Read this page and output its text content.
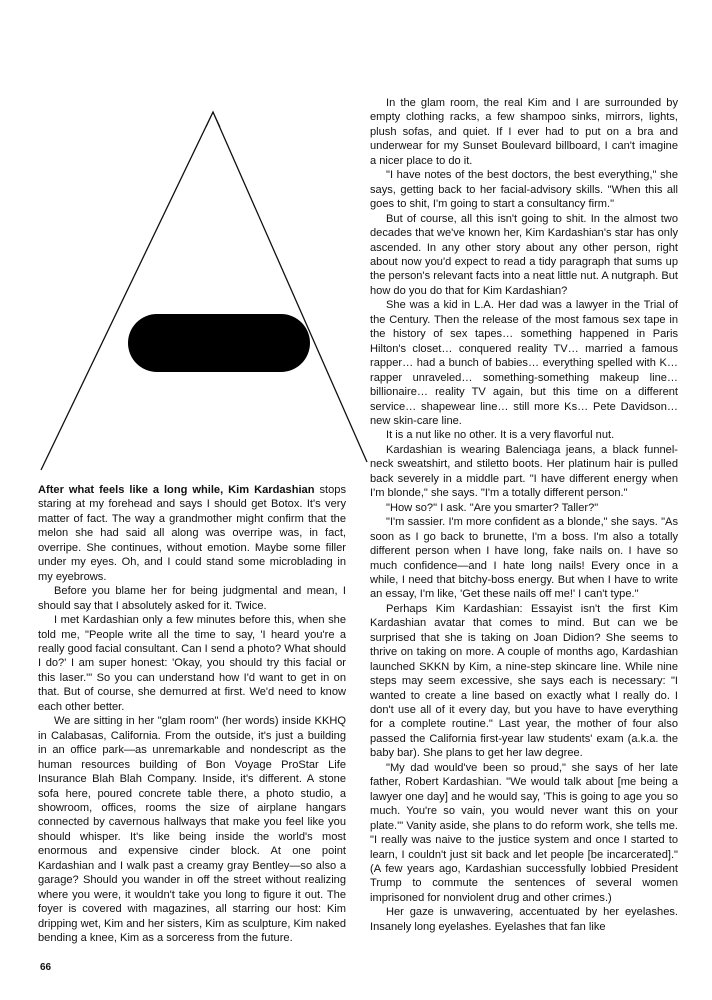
After what feels like a long while, Kim Kardashian stops staring at my forehead and says I should get Botox. It's very matter of fact. The way a grandmother might confirm that the melon she had said all along was overripe was, in fact, overripe. She continues, without emotion. Maybe some filler under my eyes. Oh, and I could stand some microblading in my eyebrows.

Before you blame her for being judgmental and mean, I should say that I absolutely asked for it. Twice.

I met Kardashian only a few minutes before this, when she told me, "People write all the time to say, 'I heard you're a really good facial consultant. Can I send a photo? What should I do?' I am super honest: 'Okay, you should try this facial or this laser.'" So you can understand how I'd want to get in on that. But of course, she demurred at first. We'd need to know each other better.

We are sitting in her "glam room" (her words) inside KKHQ in Calabasas, California. From the outside, it's just a building in an office park—as unremarkable and nondescript as the human resources building of Bon Voyage ProStar Life Insurance Blah Blah Company. Inside, it's different. A stone sofa here, poured concrete table there, a photo studio, a showroom, offices, rooms the size of airplane hangars connected by cavernous hallways that make you feel like you should whisper. It's like being inside the world's most enormous and expensive cinder block. At one point Kardashian and I walk past a creamy gray Bentley—so also a garage? Should you wander in off the street without realizing where you were, it wouldn't take you long to figure it out. The foyer is covered with magazines, all starring our host: Kim dripping wet, Kim and her sisters, Kim as sculpture, Kim naked bending a knee, Kim as a sorceress from the future.

In the glam room, the real Kim and I are surrounded by empty clothing racks, a few shampoo sinks, mirrors, lights, plush sofas, and quiet. If I ever had to put on a bra and underwear for my Sunset Boulevard billboard, I can't imagine a nicer place to do it.

"I have notes of the best doctors, the best everything," she says, getting back to her facial-advisory skills. "When this all goes to shit, I'm going to start a consultancy firm."

But of course, all this isn't going to shit. In the almost two decades that we've known her, Kim Kardashian's star has only ascended. In any other story about any other person, right about now you'd expect to read a tidy paragraph that sums up the person's relevant facts into a neat little nut. A nutgraph. But how do you do that for Kim Kardashian?

She was a kid in L.A. Her dad was a lawyer in the Trial of the Century. Then the release of the most famous sex tape in the history of sex tapes… something happened in Paris Hilton's closet… conquered reality TV… married a famous rapper… had a bunch of babies… everything spelled with K… rapper unraveled… something-something makeup line… billionaire… reality TV again, but this time on a different service… shapewear line… still more Ks… Pete Davidson… new skin-care line.

It is a nut like no other. It is a very flavorful nut.

Kardashian is wearing Balenciaga jeans, a black funnel-neck sweatshirt, and stiletto boots. Her platinum hair is pulled back severely in a middle part. "I have different energy when I'm blonde," she says. "I'm a totally different person."

"How so?" I ask. "Are you smarter? Taller?"

"I'm sassier. I'm more confident as a blonde," she says. "As soon as I go back to brunette, I'm a boss. I'm also a totally different person when I have long, fake nails on. I have so much confidence—and I hate long nails! Every once in a while, I need that bitchy-boss energy. But when I have to write an essay, I'm like, 'Get these nails off me!' I can't type."

Perhaps Kim Kardashian: Essayist isn't the first Kim Kardashian avatar that comes to mind. But can we be surprised that she is taking on Joan Didion? She seems to thrive on taking on more. A couple of months ago, Kardashian launched SKKN by Kim, a nine-step skincare line. While nine steps may seem excessive, she says each is necessary: "I wanted to create a line based on exactly what I really do. I don't use all of it every day, but you have to have everything for a complete routine." Last year, the mother of four also passed the California first-year law students' exam (a.k.a. the baby bar). She plans to get her law degree.

"My dad would've been so proud," she says of her late father, Robert Kardashian. "We would talk about [me being a lawyer one day] and he would say, 'This is going to age you so much. You're so vain, you would never want this on your plate.'" Vanity aside, she plans to do reform work, she tells me. "I really was naive to the justice system and once I started to learn, I couldn't just sit back and let people [be incarcerated]." (A few years ago, Kardashian successfully lobbied President Trump to commute the sentences of several women imprisoned for nonviolent drug and other crimes.)

Her gaze is unwavering, accentuated by her eyelashes. Insanely long eyelashes. Eyelashes that fan like

66
